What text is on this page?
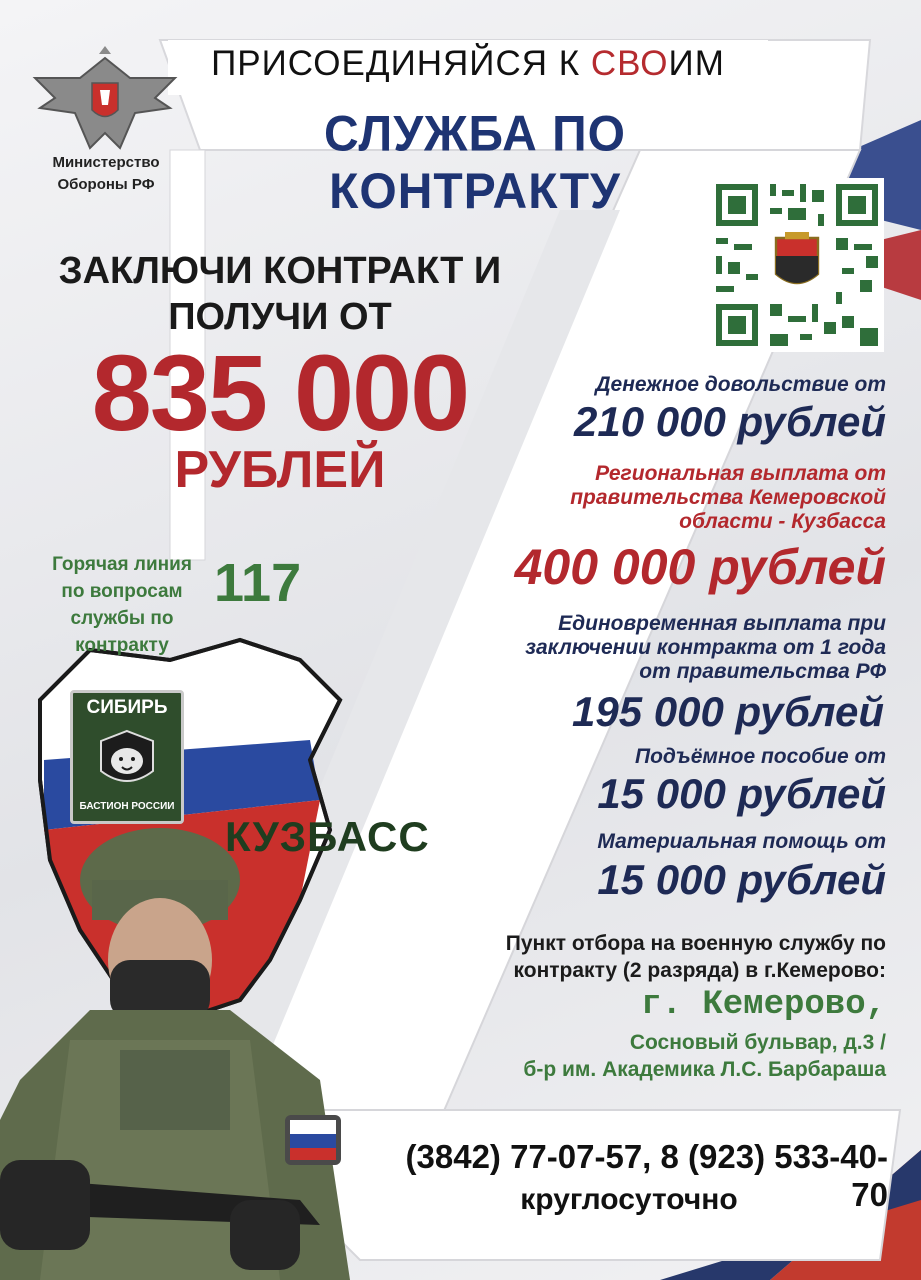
ПРИСОЕДИНЯЙСЯ К СВОИМ
СЛУЖБА ПО КОНТРАКТУ
Министерство
Обороны РФ
ЗАКЛЮЧИ КОНТРАКТ И
ПОЛУЧИ ОТ
835 000
РУБЛЕЙ
Горячая линия
по вопросам
службы по контракту
117
Денежное довольствие от
210 000 рублей
Региональная выплата от
правительства Кемеровской
области - Кузбасса
400 000 рублей
Единовременная выплата при
заключении контракта от 1 года
от правительства РФ
195 000 рублей
Подъёмное пособие от
15 000 рублей
Материальная помощь от
15 000 рублей
СИБИРЬ
БАСТИОН РОССИИ
КУЗБАСС
Пункт отбора на военную службу по
контракту (2 разряда) в г.Кемерово:
г. Кемерово,
Сосновый бульвар, д.3 /
б-р им. Академика Л.С. Барбараша
(3842) 77-07-57, 8 (923) 533-40-70
круглосуточно
